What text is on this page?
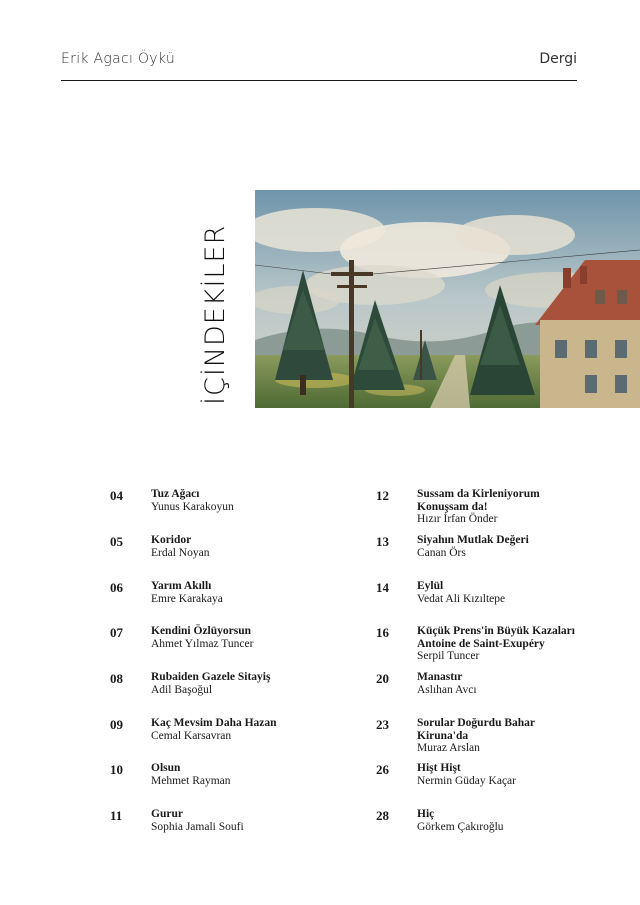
Erik Agacı Öykü	Dergi
İÇİNDEKİLER
04 Tuz Ağacı
Yunus Karakoyun
05 Koridor
Erdal Noyan
06 Yarım Akıllı
Emre Karakaya
07 Kendini Özlüyorsun
Ahmet Yılmaz Tuncer
08 Rubaiden Gazele Sitayiş
Adil Başoğul
09 Kaç Mevsim Daha Hazan
Cemal Karsavran
10 Olsun
Mehmet Rayman
11 Gurur
Sophia Jamali Soufi
12 Sussam da Kirleniyorum Konuşsam da!
Hızır İrfan Önder
13 Siyahın Mutlak Değeri
Canan Örs
14 Eylül
Vedat Ali Kızıltepe
16 Küçük Prens'in Büyük Kazaları Antoine de Saint-Exupéry
Serpil Tuncer
20 Manastır
Aslıhan Avcı
23 Sorular Doğurdu Bahar Kiruna'da
Muraz Arslan
26 Hişt Hişt
Nermin Güday Kaçar
28 Hiç
Görkem Çakıroğlu
